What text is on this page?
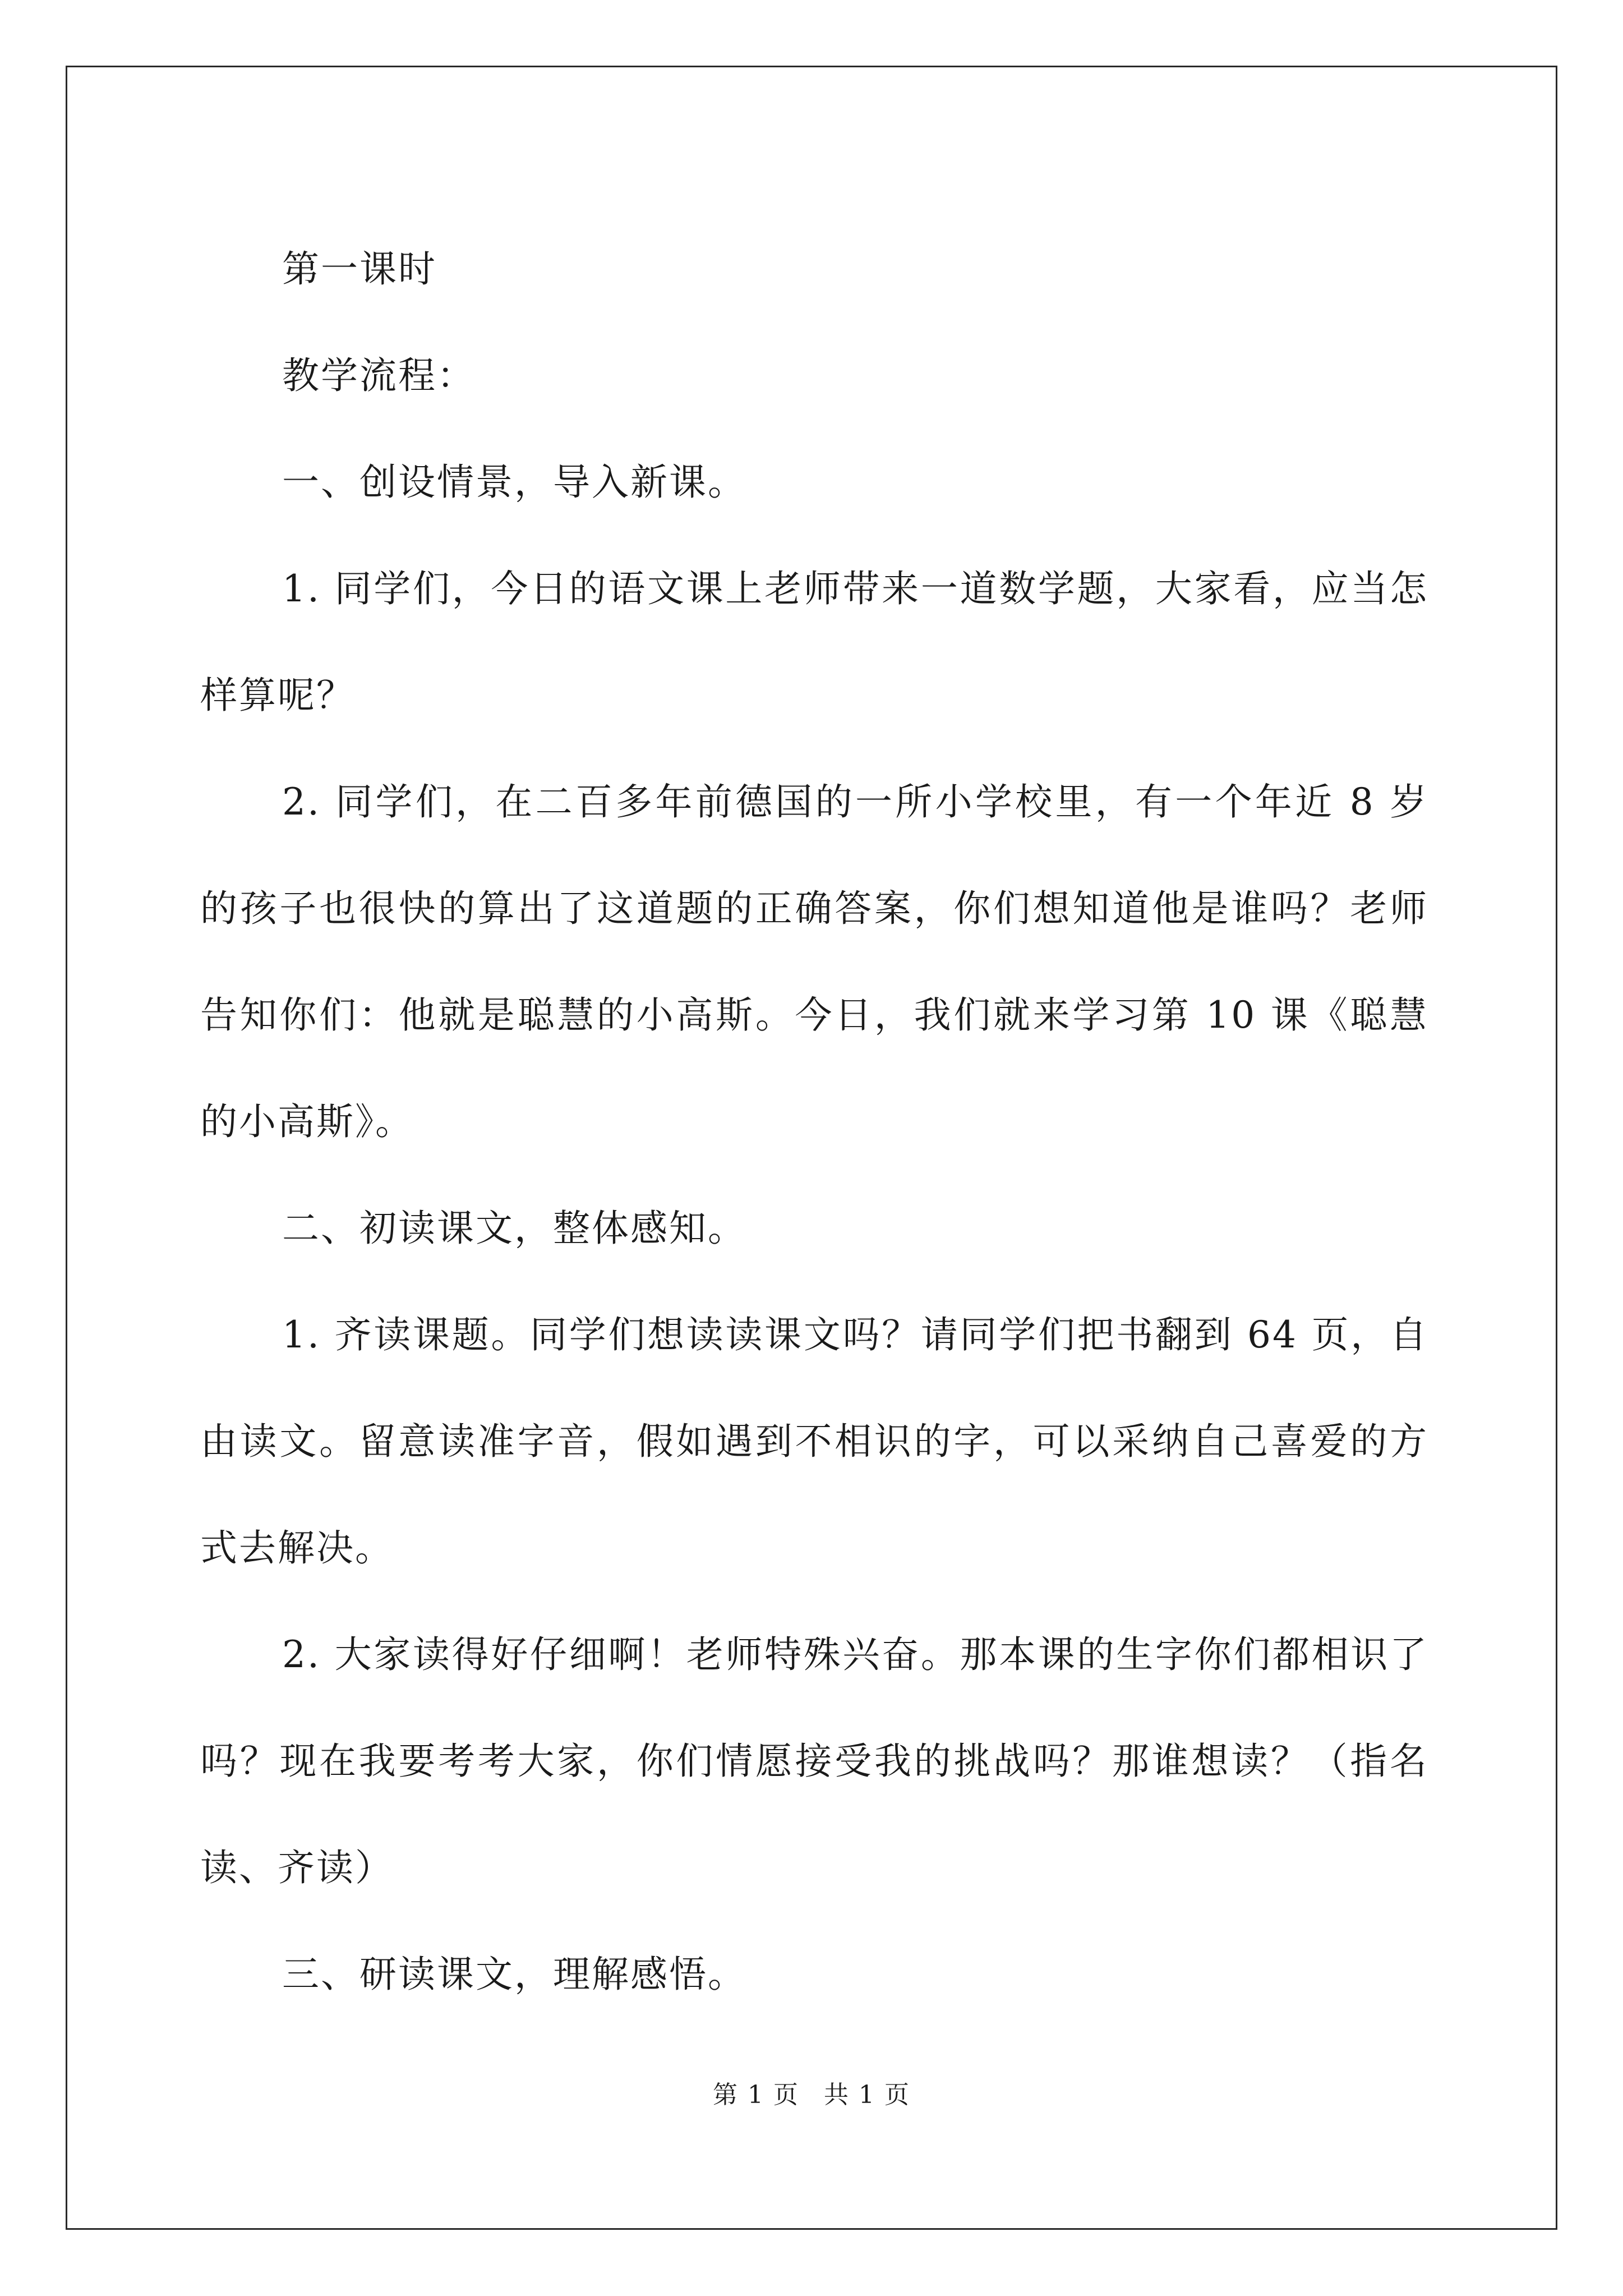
第一课时

教学流程：

一、创设情景，导入新课。

1. 同学们，今日的语文课上老师带来一道数学题，大家看，应当怎样算呢？

2. 同学们，在二百多年前德国的一所小学校里，有一个年近 8 岁的孩子也很快的算出了这道题的正确答案，你们想知道他是谁吗？老师告知你们：他就是聪慧的小高斯。今日，我们就来学习第 10 课《聪慧的小高斯》。

二、初读课文，整体感知。

1. 齐读课题。同学们想读读课文吗？请同学们把书翻到 64 页，自由读文。留意读准字音，假如遇到不相识的字，可以采纳自己喜爱的方式去解决。

2. 大家读得好仔细啊！老师特殊兴奋。那本课的生字你们都相识了吗？现在我要考考大家，你们情愿接受我的挑战吗？那谁想读？（指名读、齐读）

三、研读课文，理解感悟。

第 1 页 共 1 页
